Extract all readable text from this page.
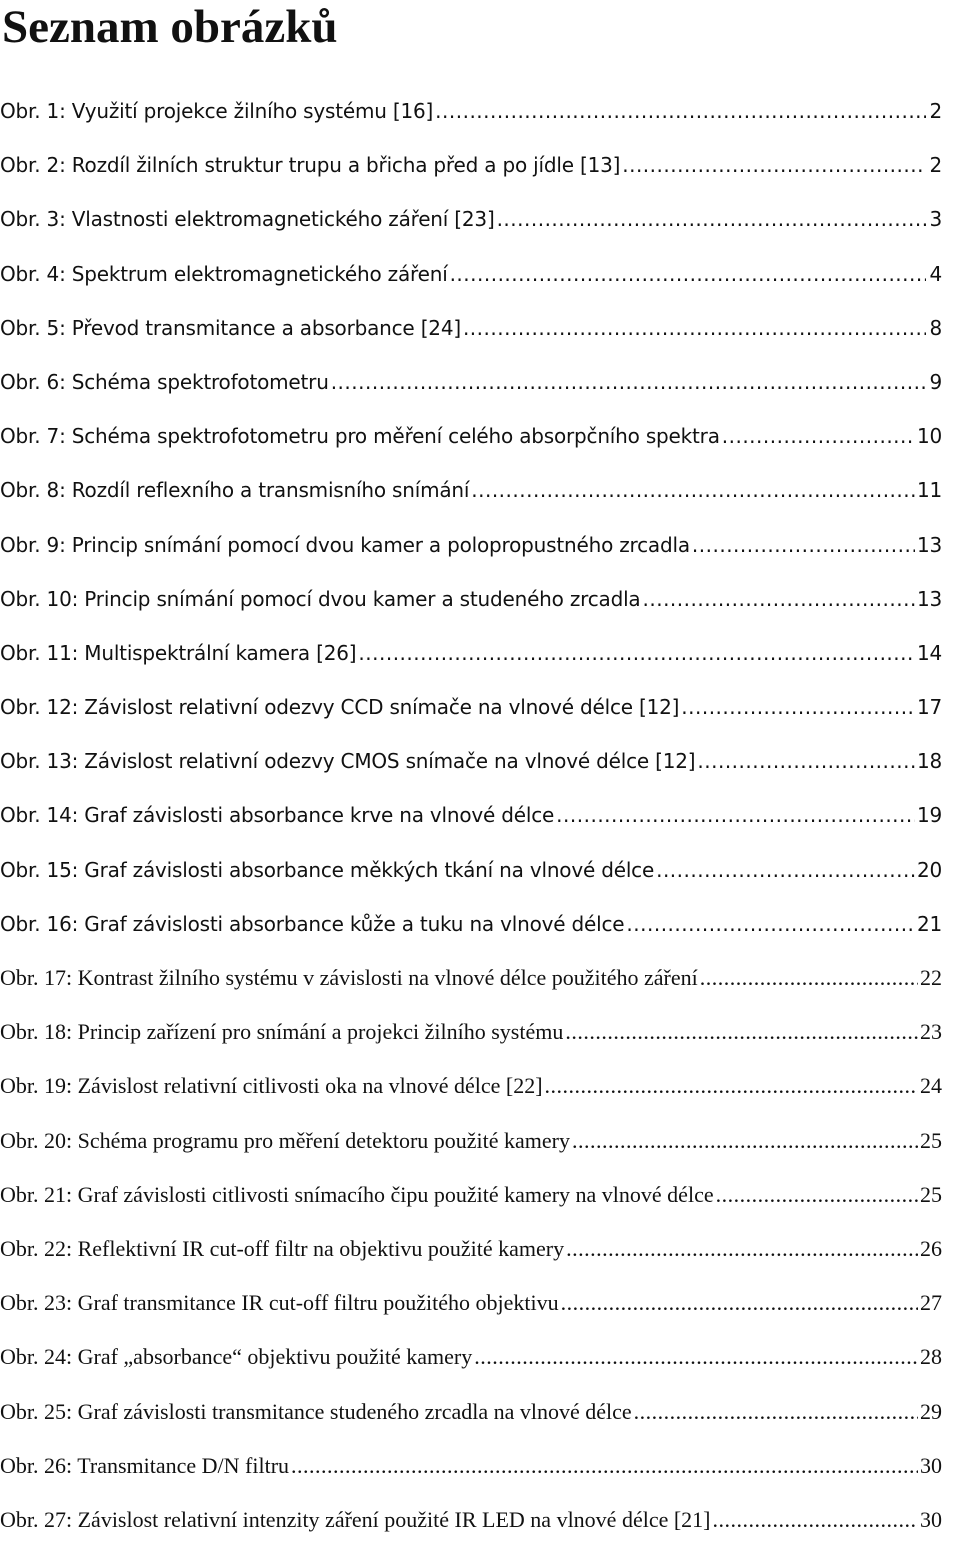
Seznam obrázků
Obr. 1: Využití projekce žilního systému [16] .....	2
Obr. 2: Rozdíl žilních struktur trupu a břicha před a po jídle [13] .....	2
Obr. 3: Vlastnosti elektromagnetického záření [23] .....	3
Obr. 4: Spektrum elektromagnetického záření .....	4
Obr. 5: Převod transmitance a absorbance [24] .....	8
Obr. 6: Schéma spektrofotometru .....	9
Obr. 7: Schéma spektrofotometru pro měření celého absorpčního spektra .....	10
Obr. 8: Rozdíl reflexního a transmisního snímání .....	11
Obr. 9: Princip snímání pomocí dvou kamer a polopropustného zrcadla .....	13
Obr. 10: Princip snímání pomocí dvou kamer a studeného zrcadla .....	13
Obr. 11: Multispektrální kamera [26] .....	14
Obr. 12: Závislost relativní odezvy CCD snímače na vlnové délce [12] .....	17
Obr. 13: Závislost relativní odezvy CMOS snímače na vlnové délce [12] .....	18
Obr. 14: Graf závislosti absorbance krve na vlnové délce .....	19
Obr. 15: Graf závislosti absorbance měkkých tkání na vlnové délce .....	20
Obr. 16: Graf závislosti absorbance kůže a tuku na vlnové délce .....	21
Obr. 17: Kontrast žilního systému v závislosti na vlnové délce použitého záření .....	22
Obr. 18: Princip zařízení pro snímání a projekci žilního systému .....	23
Obr. 19: Závislost relativní citlivosti oka na vlnové délce [22] .....	24
Obr. 20: Schéma programu pro měření detektoru použité kamery .....	25
Obr. 21: Graf závislosti citlivosti snímacího čipu použité kamery na vlnové délce .....	25
Obr. 22: Reflektivní IR cut-off filtr na objektivu použité kamery .....	26
Obr. 23: Graf transmitance IR cut-off filtru použitého objektivu .....	27
Obr. 24: Graf „absorbance“ objektivu použité kamery .....	28
Obr. 25: Graf závislosti transmitance studeného zrcadla na vlnové délce .....	29
Obr. 26: Transmitance D/N filtru .....	30
Obr. 27: Závislost relativní intenzity záření použité IR LED na vlnové délce [21] .....	30
